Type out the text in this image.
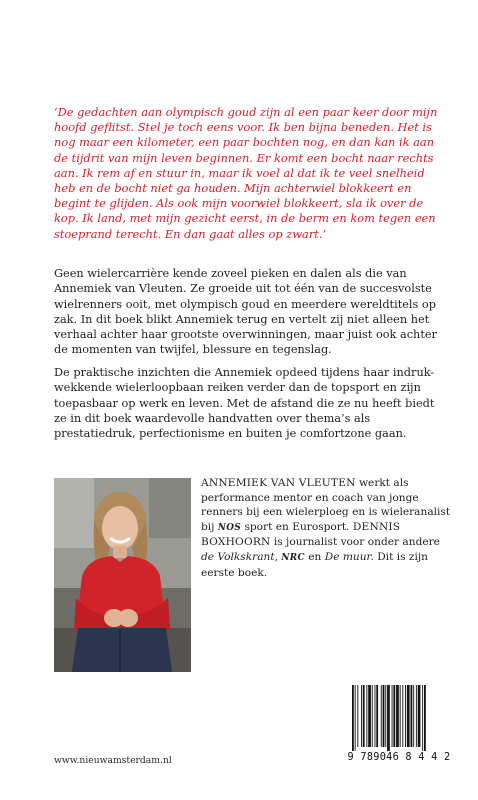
‘De gedachten aan olympisch goud zijn al een paar keer door mijn hoofd geflitst. Stel je toch eens voor. Ik ben bijna beneden. Het is nog maar een kilometer, een paar bochten nog, en dan kan ik aan de tijdrit van mijn leven beginnen. Er komt een bocht naar rechts aan. Ik rem af en stuur in, maar ik voel al dat ik te veel snelheid heb en de bocht niet ga houden. Mijn achterwiel blokkeert en begint te glijden. Als ook mijn voorwiel blokkeert, sla ik over de kop. Ik land, met mijn gezicht eerst, in de berm en kom tegen een stoeprand terecht. En dan gaat alles op zwart.’

Geen wielercarrière kende zoveel pieken en dalen als die van Annemiek van Vleuten. Ze groeide uit tot één van de succesvolste wielrenners ooit, met olympisch goud en meerdere wereldtitels op zak. In dit boek blikt Annemiek terug en vertelt zij niet alleen het verhaal achter haar grootste overwinningen, maar juist ook achter de momenten van twijfel, blessure en tegenslag.

De praktische inzichten die Annemiek opdeed tijdens haar indruk-wekkende wielerloopbaan reiken verder dan de topsport en zijn toepasbaar op werk en leven. Met de afstand die ze nu heeft biedt ze in dit boek waardevolle handvatten over thema’s als prestatiedruk, perfectionisme en buiten je comfortzone gaan.

ANNEMIEK VAN VLEUTEN werkt als performance mentor en coach van jonge renners bij een wielerploeg en is wieleranalist bij NOS sport en Eurosport. DENNIS BOXHOORN is journalist voor onder andere de Volkskrant, NRC en De muur. Dit is zijn eerste boek.

www.nieuwamsterdam.nl	9 789046 8 4 4 2
